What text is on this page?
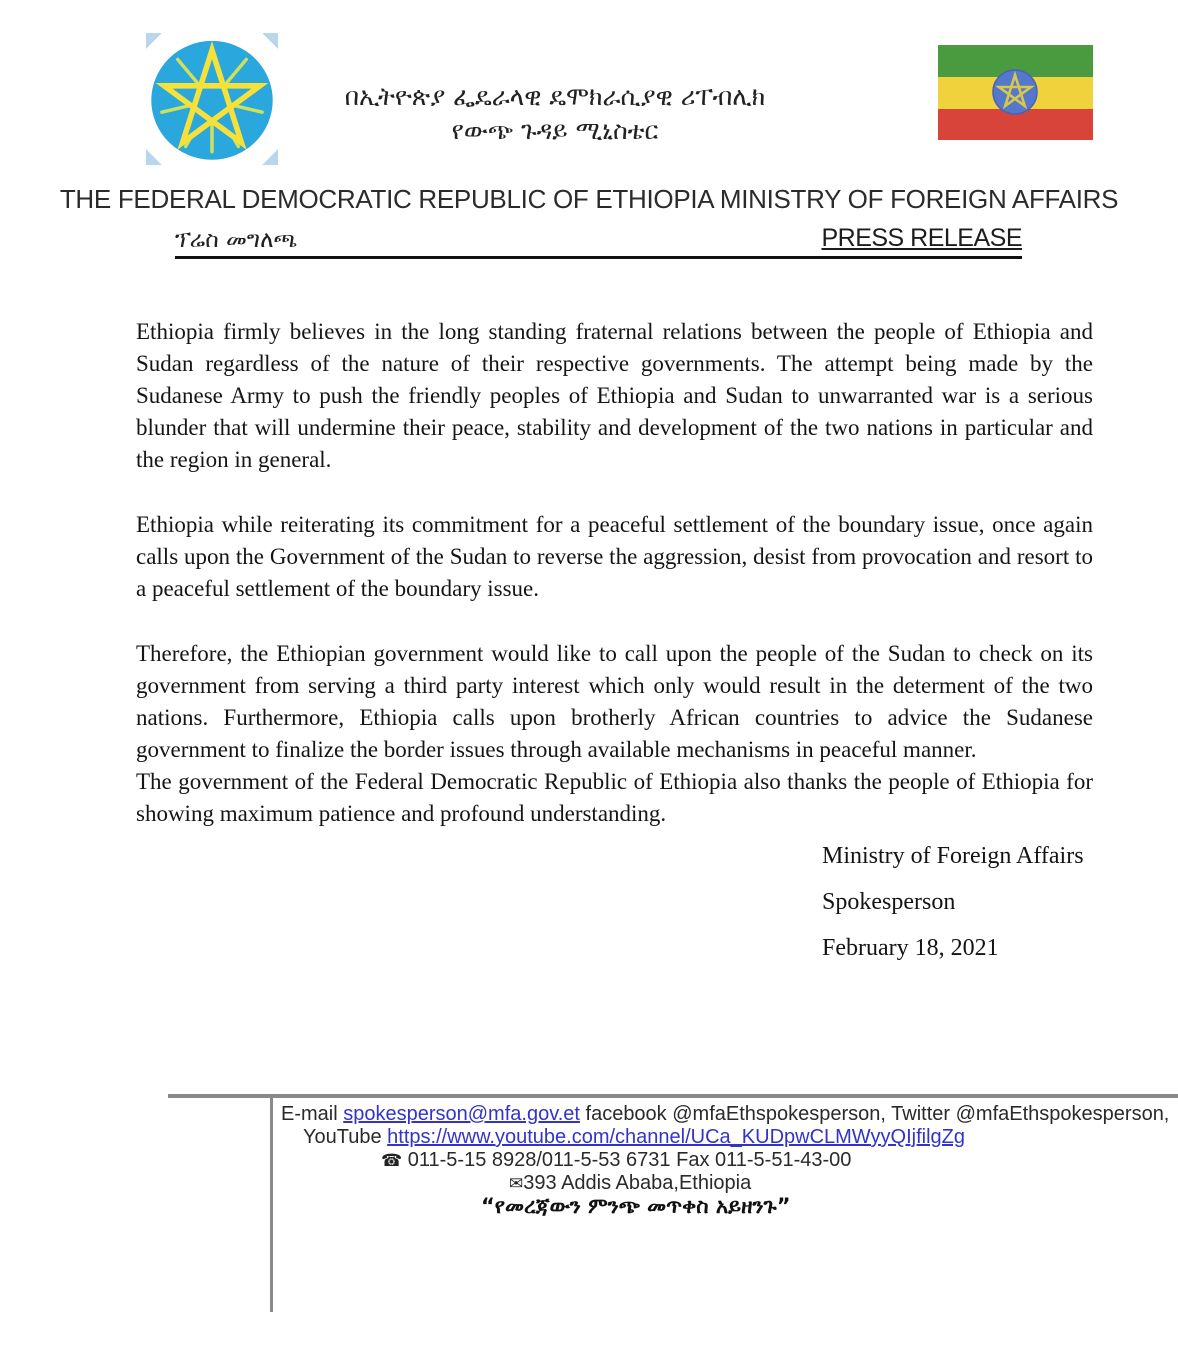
በኢትዮጵያ ፌዴራላዊ ዴሞክራሲያዊ ሪፐብሊክ
የውጭ ጉዳይ ሚኒስቴር
THE FEDERAL DEMOCRATIC REPUBLIC OF ETHIOPIA MINISTRY OF FOREIGN AFFAIRS
ፕሬስ መግለጫ	PRESS RELEASE

Ethiopia firmly believes in the long standing fraternal relations between the people of Ethiopia and Sudan regardless of the nature of their respective governments. The attempt being made by the Sudanese Army to push the friendly peoples of Ethiopia and Sudan to unwarranted war is a serious blunder that will undermine their peace, stability and development of the two nations in particular and the region in general.

Ethiopia while reiterating its commitment for a peaceful settlement of the boundary issue, once again calls upon the Government of the Sudan to reverse the aggression, desist from provocation and resort to a peaceful settlement of the boundary issue.

Therefore, the Ethiopian government would like to call upon the people of the Sudan to check on its government from serving a third party interest which only would result in the determent of the two nations. Furthermore, Ethiopia calls upon brotherly African countries to advice the Sudanese government to finalize the border issues through available mechanisms in peaceful manner.

The government of the Federal Democratic Republic of Ethiopia also thanks the people of Ethiopia for showing maximum patience and profound understanding.

Ministry of Foreign Affairs
Spokesperson
February 18, 2021
E-mail spokesperson@mfa.gov.et facebook @mfaEthspokesperson, Twitter @mfaEthspokesperson,
YouTube https://www.youtube.com/channel/UCa_KUDpwCLMWyyQIjfilgZg
☎ 011-5-15 8928/011-5-53 6731 Fax 011-5-51-43-00
✉393 Addis Ababa,Ethiopia
“የመረጃውን ምንጭ መጥቀስ አይዘንጉ”
